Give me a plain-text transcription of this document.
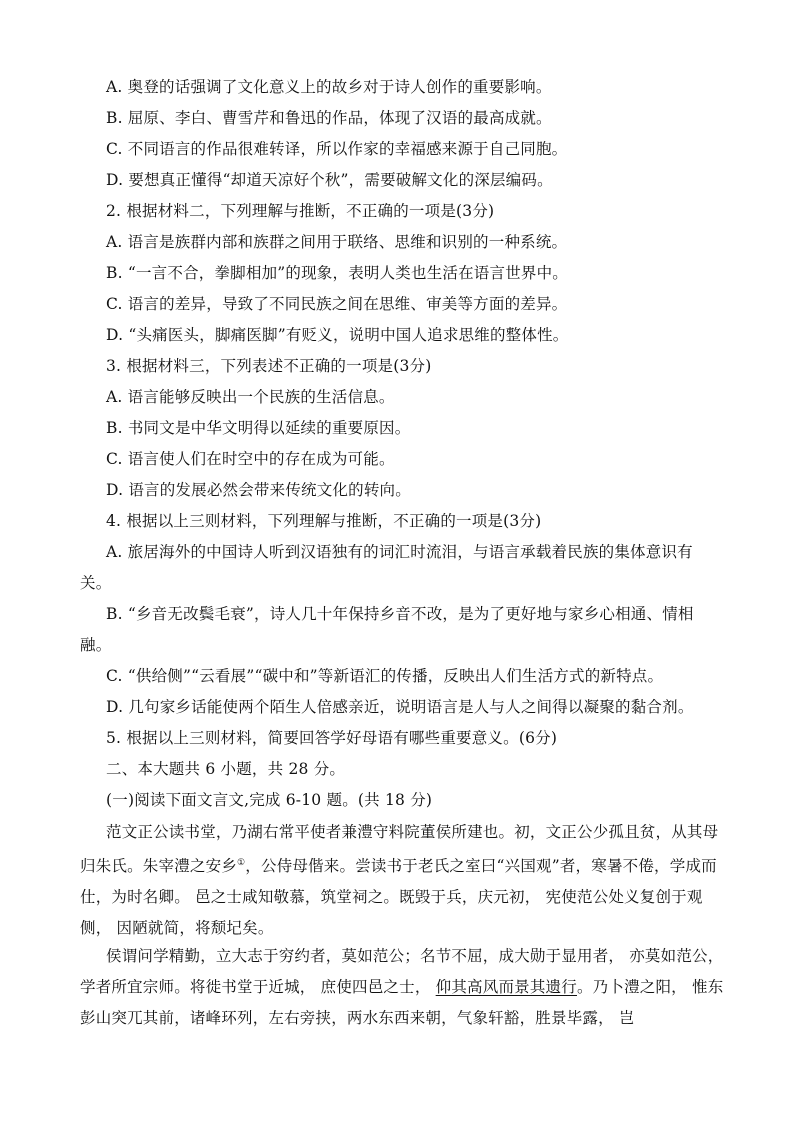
A. 奥登的话强调了文化意义上的故乡对于诗人创作的重要影响。
B. 屈原、李白、曹雪芹和鲁迅的作品，体现了汉语的最高成就。
C. 不同语言的作品很难转译，所以作家的幸福感来源于自己同胞。
D. 要想真正懂得“却道天凉好个秋”，需要破解文化的深层编码。
2. 根据材料二，下列理解与推断，不正确的一项是(3分)
A. 语言是族群内部和族群之间用于联络、思维和识别的一种系统。
B. “一言不合，拳脚相加”的现象，表明人类也生活在语言世界中。
C. 语言的差异，导致了不同民族之间在思维、审美等方面的差异。
D. “头痛医头，脚痛医脚”有贬义，说明中国人追求思维的整体性。
3. 根据材料三，下列表述不正确的一项是(3分)
A. 语言能够反映出一个民族的生活信息。
B. 书同文是中华文明得以延续的重要原因。
C. 语言使人们在时空中的存在成为可能。
D. 语言的发展必然会带来传统文化的转向。
4. 根据以上三则材料，下列理解与推断，不正确的一项是(3分)
A. 旅居海外的中国诗人听到汉语独有的词汇时流泪，与语言承载着民族的集体意识有
关。
B. “乡音无改鬓毛衰”，诗人几十年保持乡音不改，是为了更好地与家乡心相通、情相
融。
C. “供给侧”“云看展”“碳中和”等新语汇的传播，反映出人们生活方式的新特点。
D. 几句家乡话能使两个陌生人倍感亲近，说明语言是人与人之间得以凝聚的黏合剂。
5. 根据以上三则材料，简要回答学好母语有哪些重要意义。(6分)
二、本大题共 6 小题，共 28 分。
(一)阅读下面文言文,完成 6-10 题。(共 18 分)
范文正公读书堂，乃湖右常平使者兼澧守料院董侯所建也。初，文正公少孤且贫，从其母归朱氏。朱宰澧之安乡①，公侍母偕来。尝读书于老氏之室曰“兴国观”者，寒暑不倦，学成而仕，为时名卿。 邑之士咸知敬慕，筑堂祠之。既毁于兵，庆元初， 宪使范公处义复创于观侧， 因陋就简，将颓圮矣。
侯谓问学精勤，立大志于穷约者，莫如范公；名节不屈，成大勋于显用者， 亦莫如范公， 学者所宜宗师。将徙书堂于近城， 庶使四邑之士， 仰其高风而景其遗行。乃卜澧之阳， 惟东彭山突兀其前，诸峰环列，左右旁挟，两水东西来朝，气象轩豁，胜景毕露， 岂
